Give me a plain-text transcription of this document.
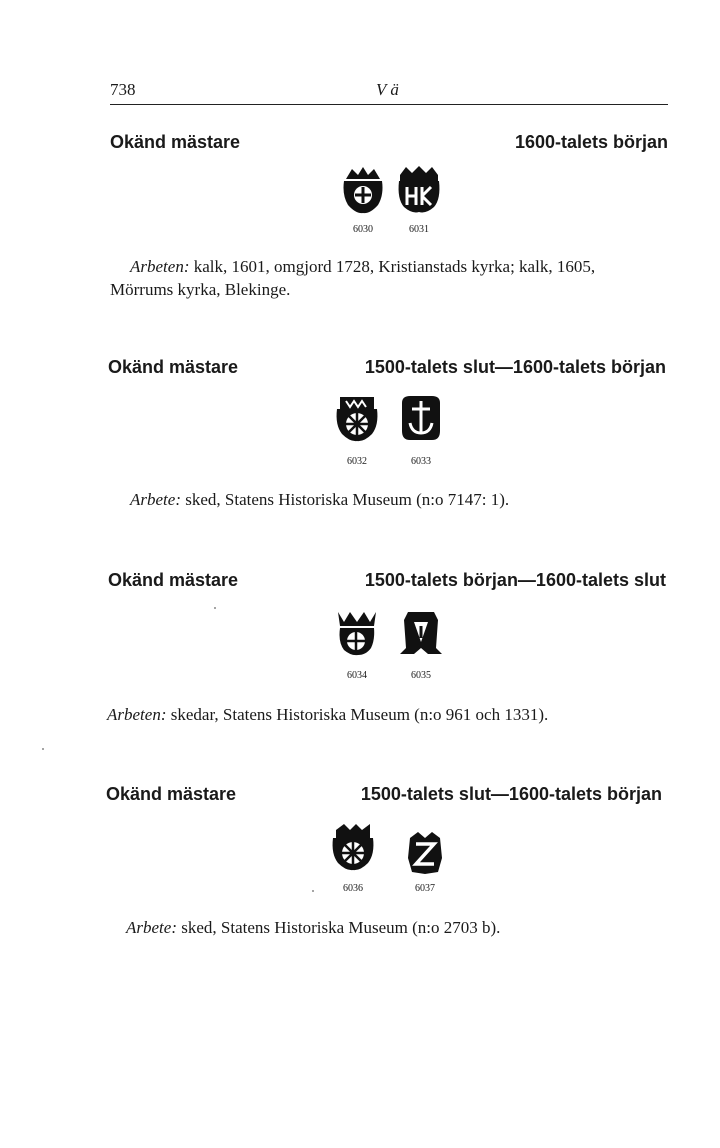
738	V ä
Okänd mästare	1600-talets början
6030	6031
Arbeten: kalk, 1601, omgjord 1728, Kristianstads kyrka; kalk, 1605,
Mörrums kyrka, Blekinge.
Okänd mästare	1500-talets slut—1600-talets början
6032	6033
Arbete: sked, Statens Historiska Museum (n:o 7147: 1).
Okänd mästare	1500-talets början—1600-talets slut
6034	6035
Arbeten: skedar, Statens Historiska Museum (n:o 961 och 1331).
Okänd mästare	1500-talets slut—1600-talets början
6036	6037
Arbete: sked, Statens Historiska Museum (n:o 2703 b).
